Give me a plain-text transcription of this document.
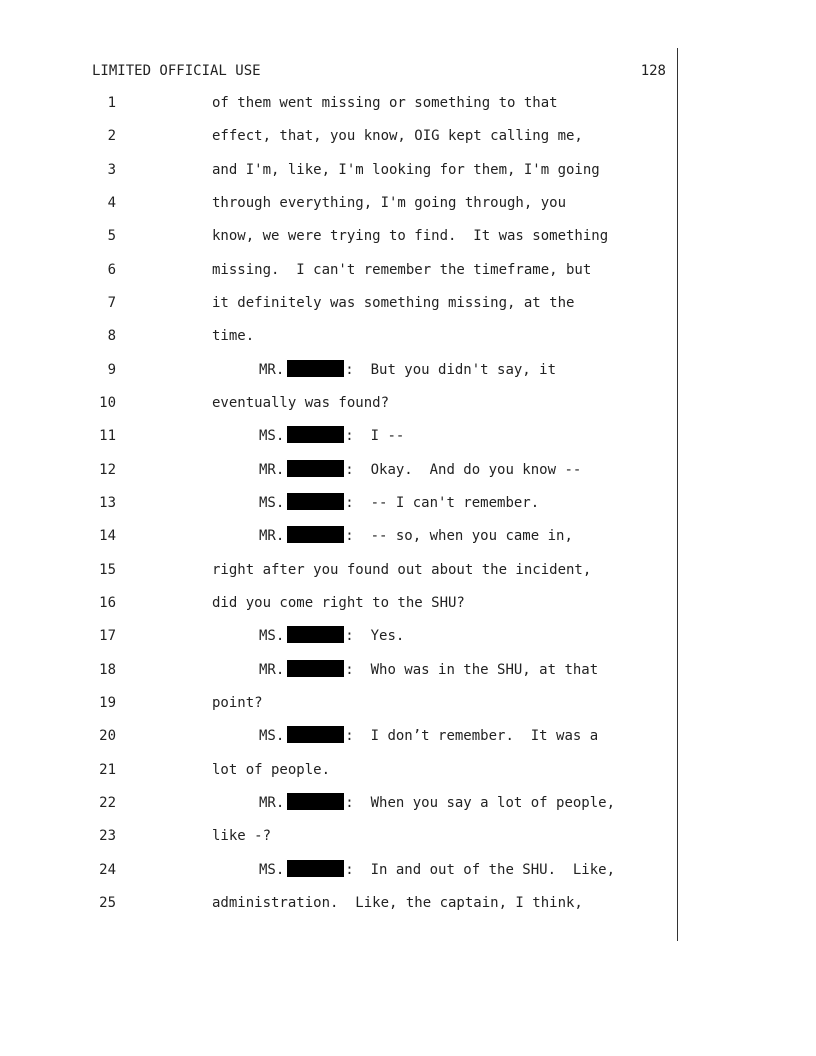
LIMITED OFFICIAL USE	128
1	of them went missing or something to that
2	effect, that, you know, OIG kept calling me,
3	and I'm, like, I'm looking for them, I'm going
4	through everything, I'm going through, you
5	know, we were trying to find.  It was something
6	missing.  I can't remember the timeframe, but
7	it definitely was something missing, at the
8	time.
9	MR.	:  But you didn't say, it
10	eventually was found?
11	MS.	:  I --
12	MR.	:  Okay.  And do you know --
13	MS.	:  -- I can't remember.
14	MR.	:  -- so, when you came in,
15	right after you found out about the incident,
16	did you come right to the SHU?
17	MS.	:  Yes.
18	MR.	:  Who was in the SHU, at that
19	point?
20	MS.	:  I don’t remember.  It was a
21	lot of people.
22	MR.	:  When you say a lot of people,
23	like -?
24	MS.	:  In and out of the SHU.  Like,
25	administration.  Like, the captain, I think,
